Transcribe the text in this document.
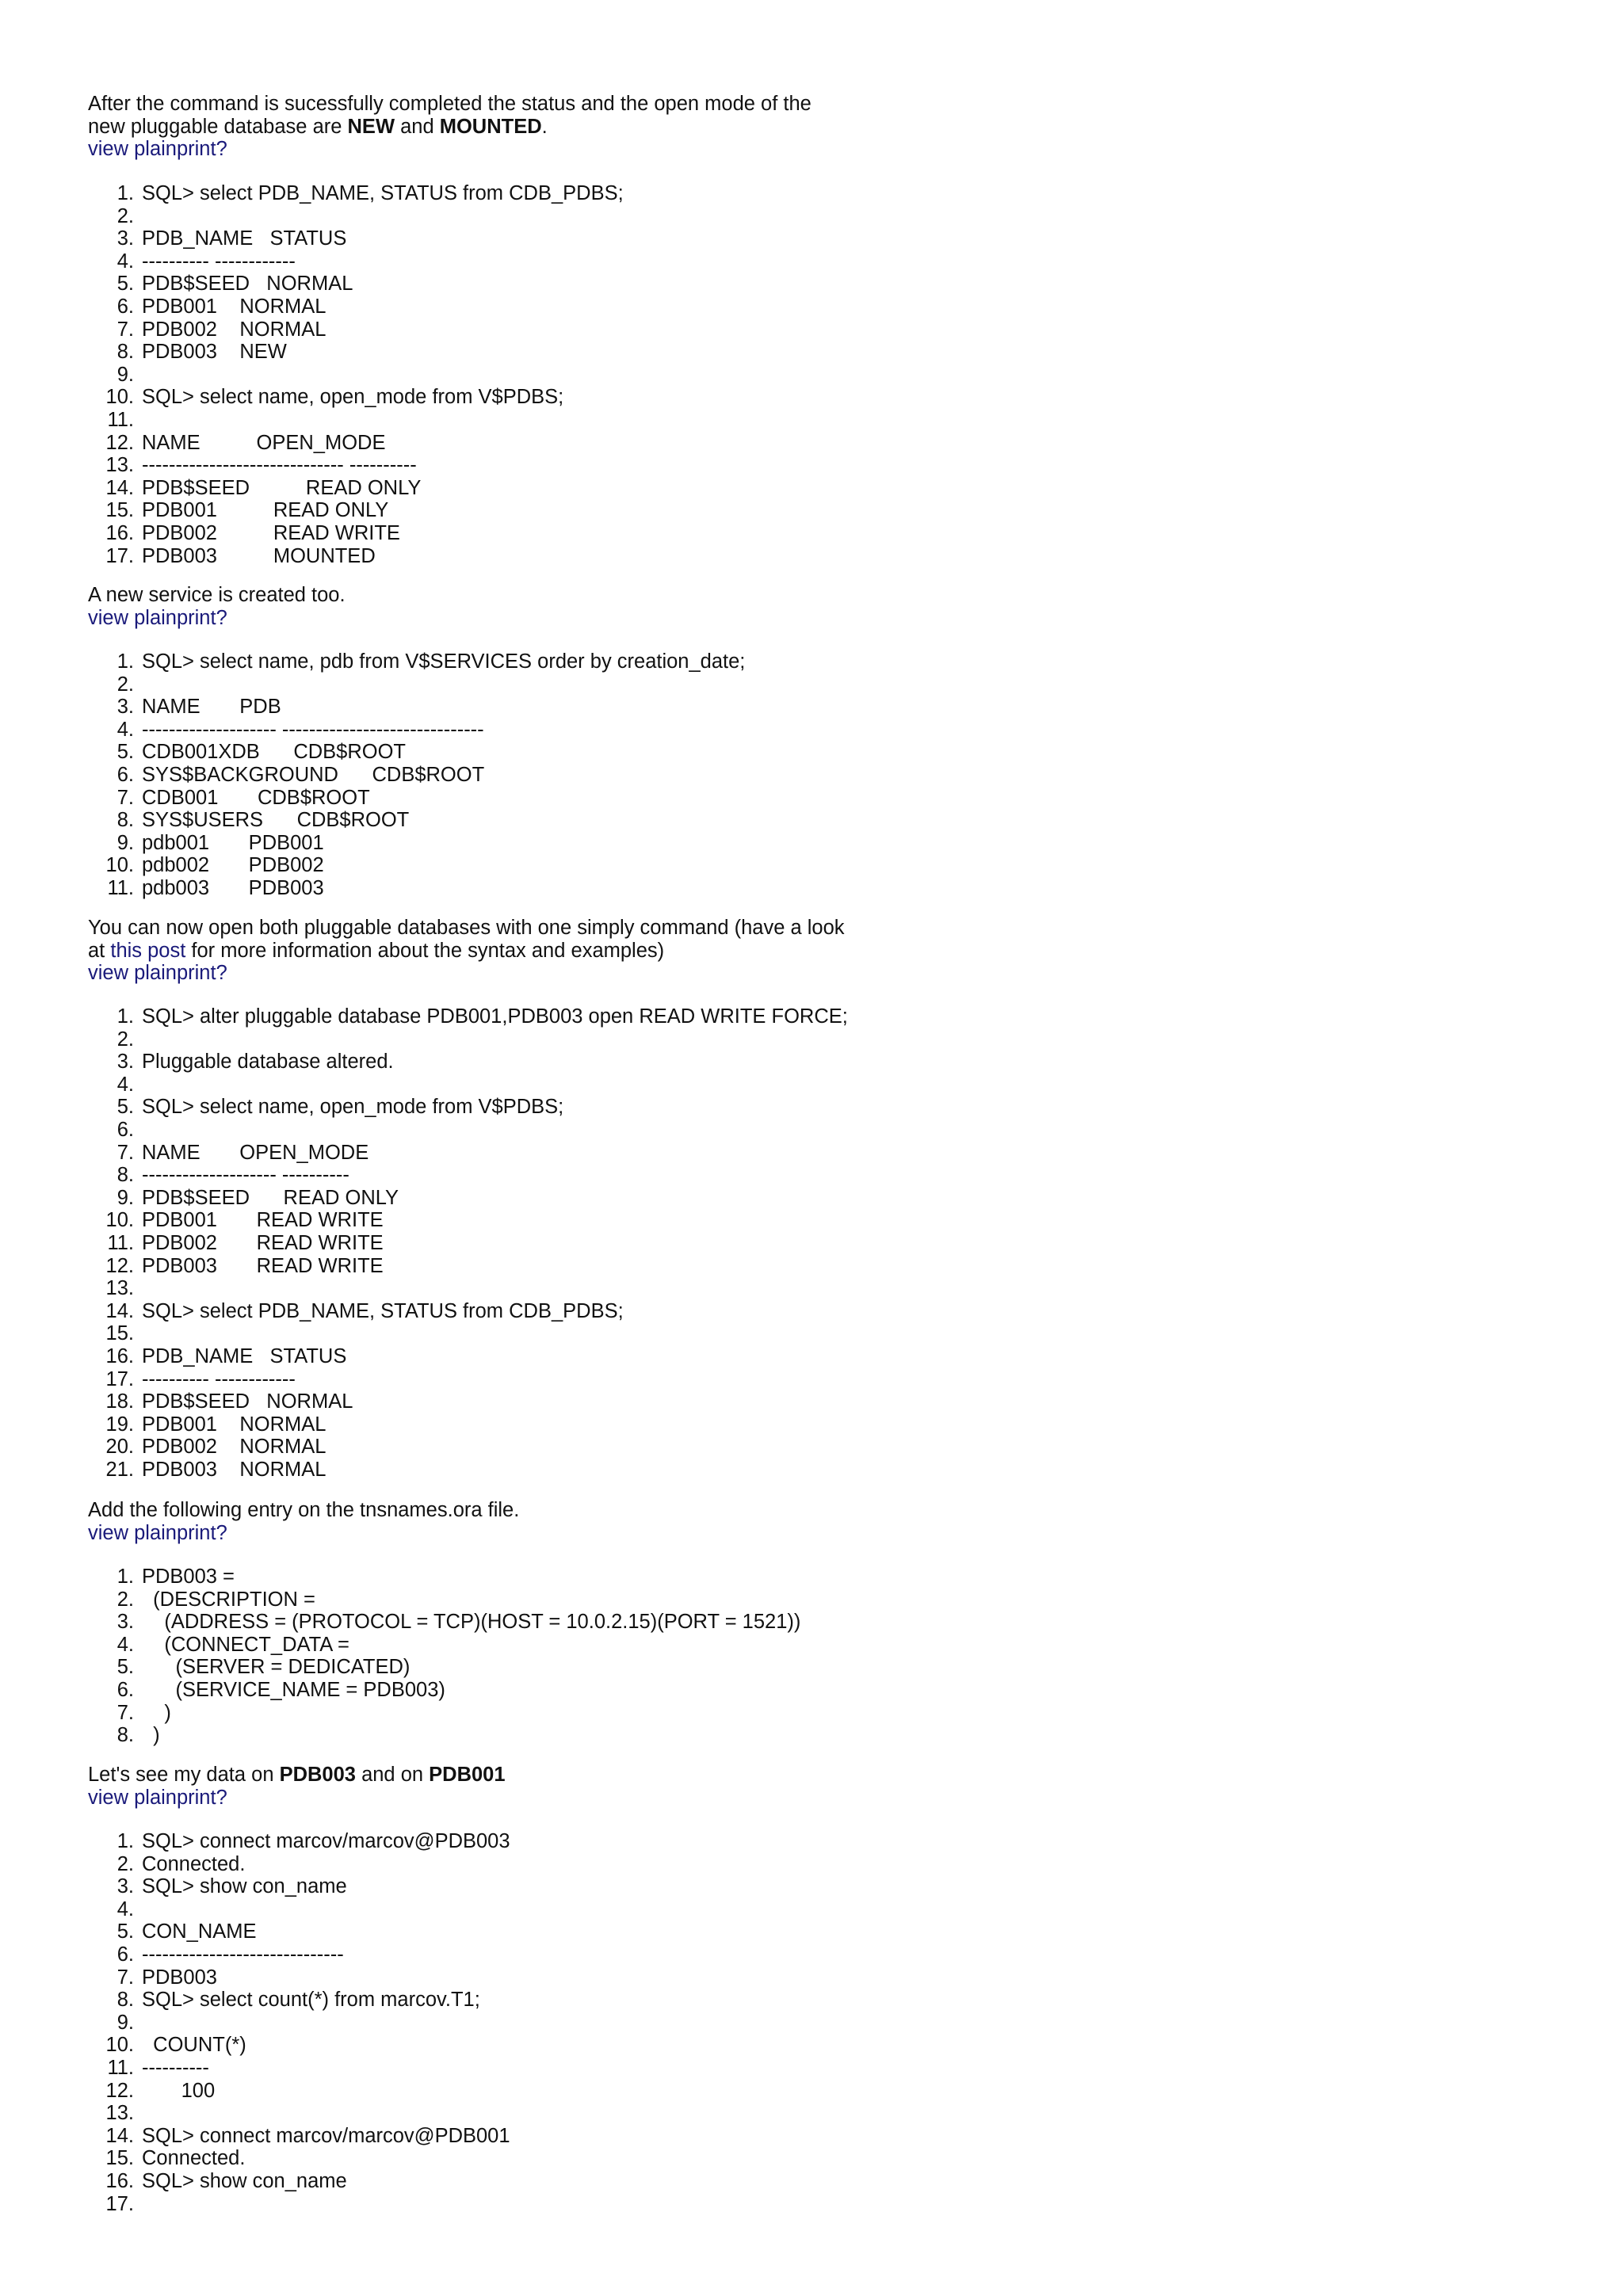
After the command is sucessfully completed the status and the open mode of the new pluggable database are NEW and MOUNTED.

view plainprint?
1. SQL> select PDB_NAME, STATUS from CDB_PDBS;
2.
3. PDB_NAME   STATUS
4. ---------- ------------
5. PDB$SEED   NORMAL
6. PDB001    NORMAL
7. PDB002    NORMAL
8. PDB003    NEW
9.
10. SQL> select name, open_mode from V$PDBS;
11.
12. NAME          OPEN_MODE
13. ------------------------------ ----------
14. PDB$SEED          READ ONLY
15. PDB001          READ ONLY
16. PDB002          READ WRITE
17. PDB003          MOUNTED

A new service is created too.

view plainprint?
1. SQL> select name, pdb from V$SERVICES order by creation_date;
2.
3. NAME       PDB
4. -------------------- ------------------------------
5. CDB001XDB      CDB$ROOT
6. SYS$BACKGROUND      CDB$ROOT
7. CDB001       CDB$ROOT
8. SYS$USERS      CDB$ROOT
9. pdb001       PDB001
10. pdb002       PDB002
11. pdb003       PDB003

You can now open both pluggable databases with one simply command (have a look at this post for more information about the syntax and examples)

view plainprint?
1. SQL> alter pluggable database PDB001,PDB003 open READ WRITE FORCE;
2.
3. Pluggable database altered.
4.
5. SQL> select name, open_mode from V$PDBS;
6.
7. NAME       OPEN_MODE
8. -------------------- ----------
9. PDB$SEED      READ ONLY
10. PDB001       READ WRITE
11. PDB002       READ WRITE
12. PDB003       READ WRITE
13.
14. SQL> select PDB_NAME, STATUS from CDB_PDBS;
15.
16. PDB_NAME   STATUS
17. ---------- ------------
18. PDB$SEED   NORMAL
19. PDB001    NORMAL
20. PDB002    NORMAL
21. PDB003    NORMAL

Add the following entry on the tnsnames.ora file.

view plainprint?
1. PDB003 =
2. (DESCRIPTION =
3. (ADDRESS = (PROTOCOL = TCP)(HOST = 10.0.2.15)(PORT = 1521))
4. (CONNECT_DATA =
5. (SERVER = DEDICATED)
6. (SERVICE_NAME = PDB003)
7. )
8. )

Let's see my data on PDB003 and on PDB001

view plainprint?
1. SQL> connect marcov/marcov@PDB003
2. Connected.
3. SQL> show con_name
4.
5. CON_NAME
6. ------------------------------
7. PDB003
8. SQL> select count(*) from marcov.T1;
9.
10. COUNT(*)
11. ----------
12. 100
13.
14. SQL> connect marcov/marcov@PDB001
15. Connected.
16. SQL> show con_name
17.
